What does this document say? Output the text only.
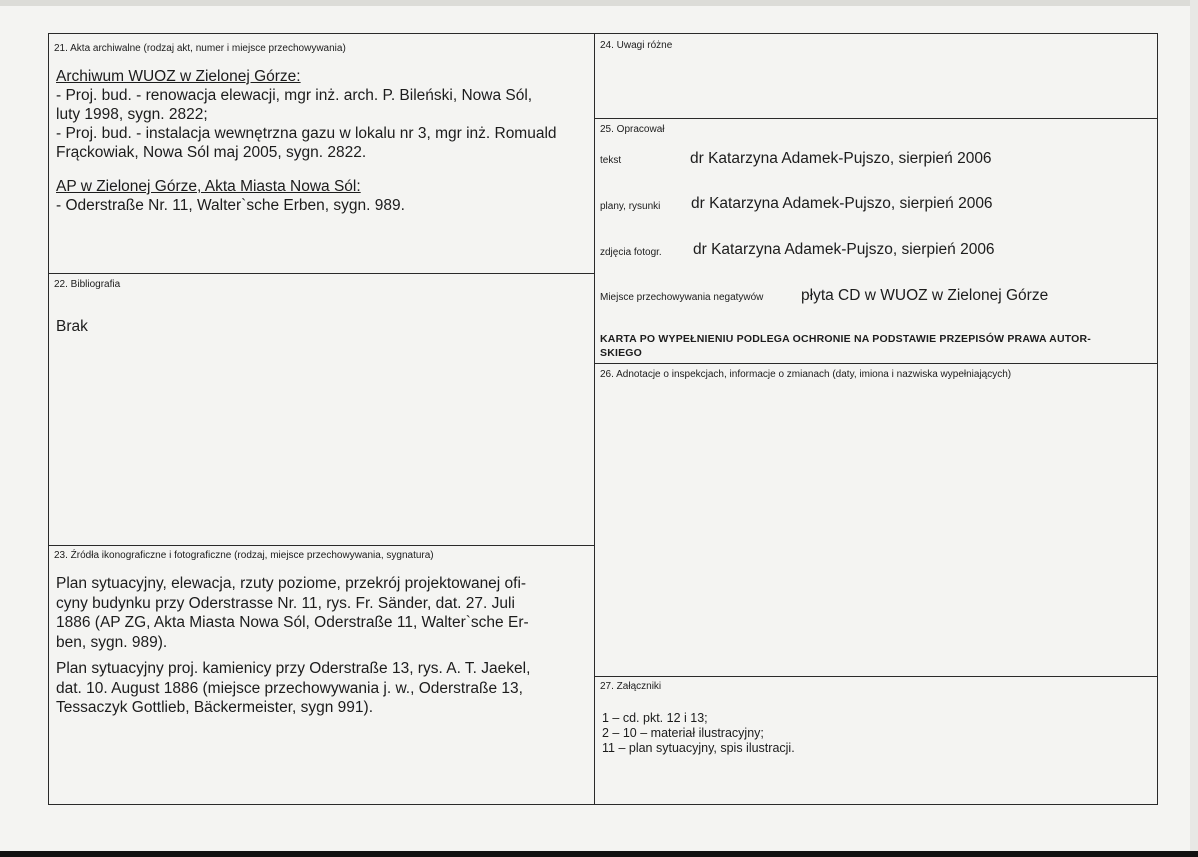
21. Akta archiwalne (rodzaj akt, numer i miejsce przechowywania)
Archiwum WUOZ w Zielonej Górze:
- Proj. bud. - renowacja elewacji, mgr inż. arch. P. Bileński, Nowa Sól,
luty 1998, sygn. 2822;
- Proj. bud. - instalacja wewnętrzna gazu w lokalu nr 3, mgr inż. Romuald
Frąckowiak, Nowa Sól maj 2005, sygn. 2822.
AP w Zielonej Górze, Akta Miasta Nowa Sól:
- Oderstraße Nr. 11, Walter`sche Erben, sygn. 989.
22. Bibliografia
Brak
23. Źródła ikonograficzne i fotograficzne (rodzaj, miejsce przechowywania, sygnatura)
Plan sytuacyjny, elewacja, rzuty poziome, przekrój projektowanej ofi-
cyny budynku przy Oderstrasse Nr. 11, rys. Fr. Sänder, dat. 27. Juli
1886 (AP ZG, Akta Miasta Nowa Sól, Oderstraße 11, Walter`sche Er-
ben, sygn. 989).
Plan sytuacyjny proj. kamienicy przy Oderstraße 13, rys. A. T. Jaekel,
dat. 10. August 1886 (miejsce przechowywania j. w., Oderstraße 13,
Tessaczyk Gottlieb, Bäckermeister, sygn 991).
24. Uwagi różne
25. Opracował
tekst	dr Katarzyna Adamek-Pujszo, sierpień 2006
plany, rysunki dr Katarzyna Adamek-Pujszo, sierpień 2006
zdjęcia fotogr. dr Katarzyna Adamek-Pujszo, sierpień 2006
Miejsce przechowywania negatywów płyta CD w WUOZ w Zielonej Górze
KARTA PO WYPEŁNIENIU PODLEGA OCHRONIE NA PODSTAWIE PRZEPISÓW PRAWA AUTOR-
SKIEGO
26. Adnotacje o inspekcjach, informacje o zmianach (daty, imiona i nazwiska wypełniających)
27. Załączniki
1 – cd. pkt. 12 i 13;
2 – 10 – materiał ilustracyjny;
11 – plan sytuacyjny, spis ilustracji.
